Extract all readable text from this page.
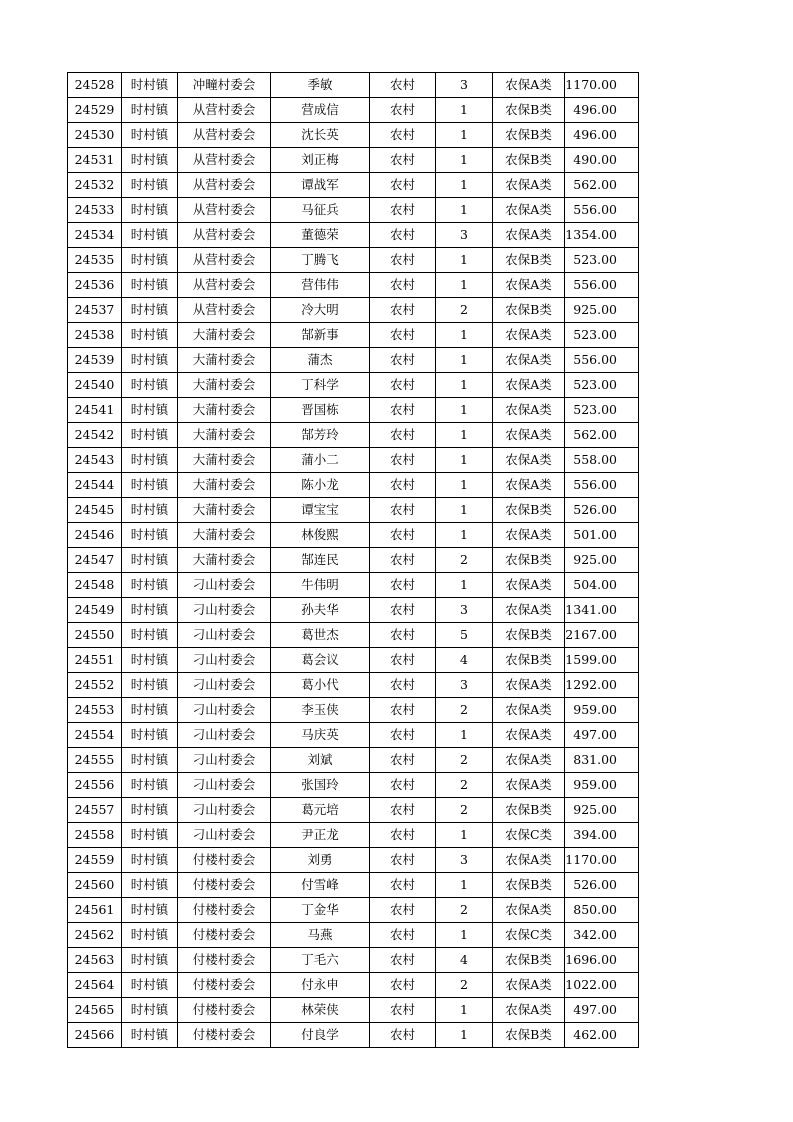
24528	时村镇	冲疃村委会	季敏	农村	3	农保A类	1170.00
24529	时村镇	从营村委会	营成信	农村	1	农保B类	496.00
24530	时村镇	从营村委会	沈长英	农村	1	农保B类	496.00
24531	时村镇	从营村委会	刘正梅	农村	1	农保B类	490.00
24532	时村镇	从营村委会	谭战军	农村	1	农保A类	562.00
24533	时村镇	从营村委会	马征兵	农村	1	农保A类	556.00
24534	时村镇	从营村委会	董德荣	农村	3	农保A类	1354.00
24535	时村镇	从营村委会	丁腾飞	农村	1	农保B类	523.00
24536	时村镇	从营村委会	营伟伟	农村	1	农保A类	556.00
24537	时村镇	从营村委会	冷大明	农村	2	农保B类	925.00
24538	时村镇	大蒲村委会	郜新事	农村	1	农保A类	523.00
24539	时村镇	大蒲村委会	蒲杰	农村	1	农保A类	556.00
24540	时村镇	大蒲村委会	丁科学	农村	1	农保A类	523.00
24541	时村镇	大蒲村委会	晋国栋	农村	1	农保A类	523.00
24542	时村镇	大蒲村委会	郜芳玲	农村	1	农保A类	562.00
24543	时村镇	大蒲村委会	蒲小二	农村	1	农保A类	558.00
24544	时村镇	大蒲村委会	陈小龙	农村	1	农保A类	556.00
24545	时村镇	大蒲村委会	谭宝宝	农村	1	农保B类	526.00
24546	时村镇	大蒲村委会	林俊熙	农村	1	农保A类	501.00
24547	时村镇	大蒲村委会	郜连民	农村	2	农保B类	925.00
24548	时村镇	刁山村委会	牛伟明	农村	1	农保A类	504.00
24549	时村镇	刁山村委会	孙夫华	农村	3	农保A类	1341.00
24550	时村镇	刁山村委会	葛世杰	农村	5	农保B类	2167.00
24551	时村镇	刁山村委会	葛会议	农村	4	农保B类	1599.00
24552	时村镇	刁山村委会	葛小代	农村	3	农保A类	1292.00
24553	时村镇	刁山村委会	李玉侠	农村	2	农保A类	959.00
24554	时村镇	刁山村委会	马庆英	农村	1	农保A类	497.00
24555	时村镇	刁山村委会	刘斌	农村	2	农保A类	831.00
24556	时村镇	刁山村委会	张国玲	农村	2	农保A类	959.00
24557	时村镇	刁山村委会	葛元培	农村	2	农保B类	925.00
24558	时村镇	刁山村委会	尹正龙	农村	1	农保C类	394.00
24559	时村镇	付楼村委会	刘勇	农村	3	农保A类	1170.00
24560	时村镇	付楼村委会	付雪峰	农村	1	农保B类	526.00
24561	时村镇	付楼村委会	丁金华	农村	2	农保A类	850.00
24562	时村镇	付楼村委会	马燕	农村	1	农保C类	342.00
24563	时村镇	付楼村委会	丁毛六	农村	4	农保B类	1696.00
24564	时村镇	付楼村委会	付永申	农村	2	农保A类	1022.00
24565	时村镇	付楼村委会	林荣侠	农村	1	农保A类	497.00
24566	时村镇	付楼村委会	付良学	农村	1	农保B类	462.00
